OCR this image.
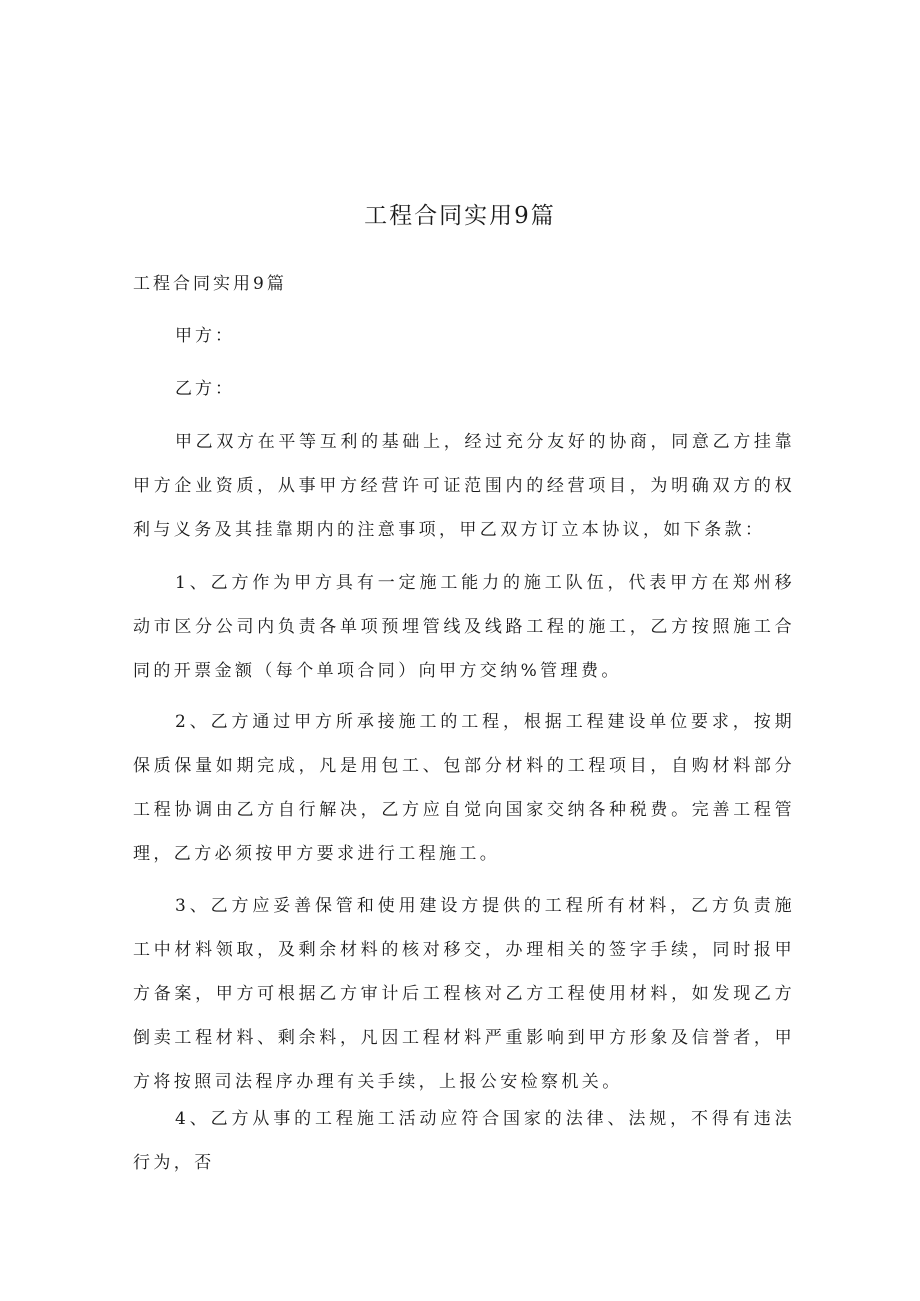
工程合同实用9篇
工程合同实用9篇
甲方：
乙方：

甲乙双方在平等互利的基础上，经过充分友好的协商，同意乙方挂靠甲方企业资质，从事甲方经营许可证范围内的经营项目，为明确双方的权利与义务及其挂靠期内的注意事项，甲乙双方订立本协议，如下条款：

1、乙方作为甲方具有一定施工能力的施工队伍，代表甲方在郑州移动市区分公司内负责各单项预埋管线及线路工程的施工，乙方按照施工合同的开票金额（每个单项合同）向甲方交纳%管理费。

2、乙方通过甲方所承接施工的工程，根据工程建设单位要求，按期保质保量如期完成，凡是用包工、包部分材料的工程项目，自购材料部分工程协调由乙方自行解决，乙方应自觉向国家交纳各种税费。完善工程管理，乙方必须按甲方要求进行工程施工。

3、乙方应妥善保管和使用建设方提供的工程所有材料，乙方负责施工中材料领取，及剩余材料的核对移交，办理相关的签字手续，同时报甲方备案，甲方可根据乙方审计后工程核对乙方工程使用材料，如发现乙方倒卖工程材料、剩余料，凡因工程材料严重影响到甲方形象及信誉者，甲方将按照司法程序办理有关手续，上报公安检察机关。

4、乙方从事的工程施工活动应符合国家的法律、法规，不得有违法行为，否
